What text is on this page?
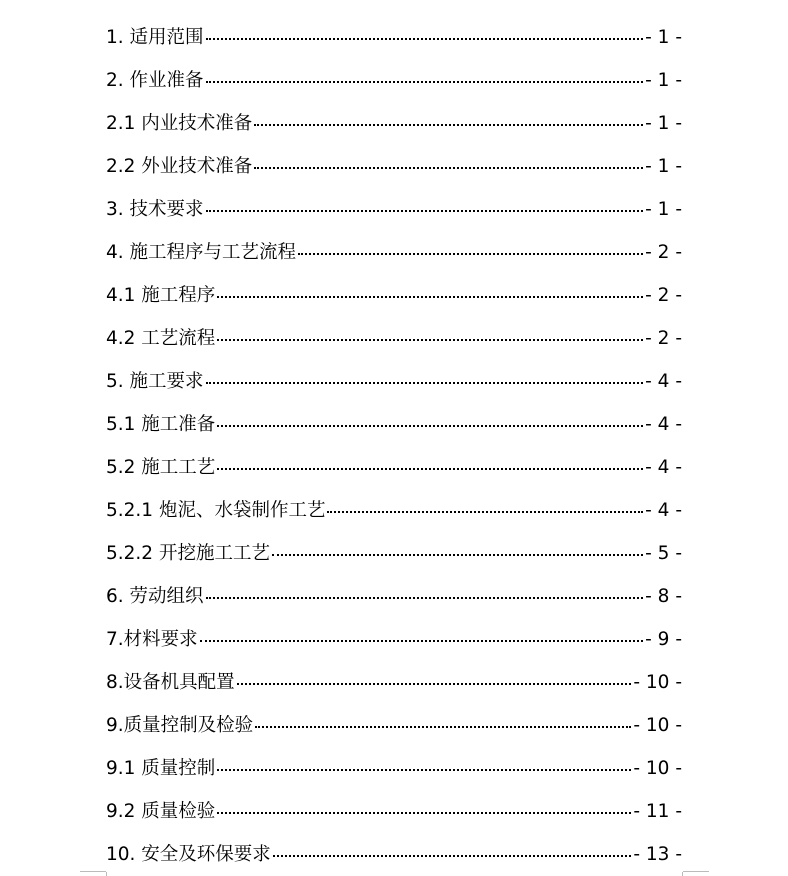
1. 适用范围	- 1 -
2. 作业准备	- 1 -
2.1 内业技术准备	- 1 -
2.2 外业技术准备	- 1 -
3. 技术要求	- 1 -
4. 施工程序与工艺流程	- 2 -
4.1 施工程序	- 2 -
4.2 工艺流程	- 2 -
5. 施工要求	- 4 -
5.1 施工准备	- 4 -
5.2 施工工艺	- 4 -
5.2.1 炮泥、水袋制作工艺	- 4 -
5.2.2 开挖施工工艺	- 5 -
6. 劳动组织	- 8 -
7.材料要求	- 9 -
8.设备机具配置	- 10 -
9.质量控制及检验	- 10 -
9.1 质量控制	- 10 -
9.2 质量检验	- 11 -
10. 安全及环保要求	- 13 -
